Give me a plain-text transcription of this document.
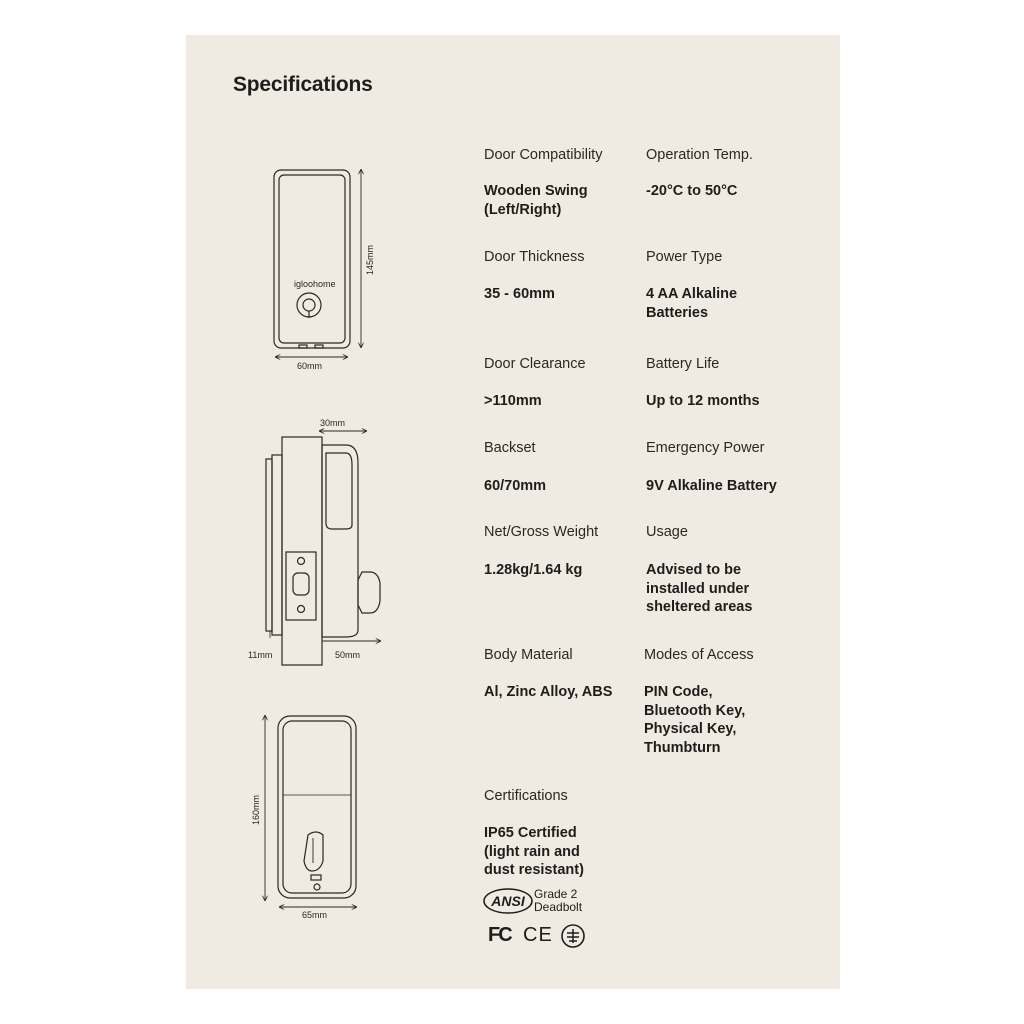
Specifications
igloohome
145mm
60mm
30mm
11mm	50mm
160mm
65mm
Door Compatibility
Wooden Swing
(Left/Right)
Operation Temp.
-20°C to 50°C
Door Thickness
35 - 60mm
Power Type
4 AA Alkaline
Batteries
Door Clearance
>110mm
Battery Life
Up to 12 months
Backset
60/70mm
Emergency Power
9V Alkaline Battery
Net/Gross Weight
1.28kg/1.64 kg
Usage
Advised to be
installed under
sheltered areas
Body Material
Al, Zinc Alloy, ABS
Modes of Access
PIN Code,
Bluetooth Key,
Physical Key,
Thumbturn
Certifications
IP65 Certified
(light rain and
dust resistant)
ANSI Grade 2
Deadbolt
FC CE
